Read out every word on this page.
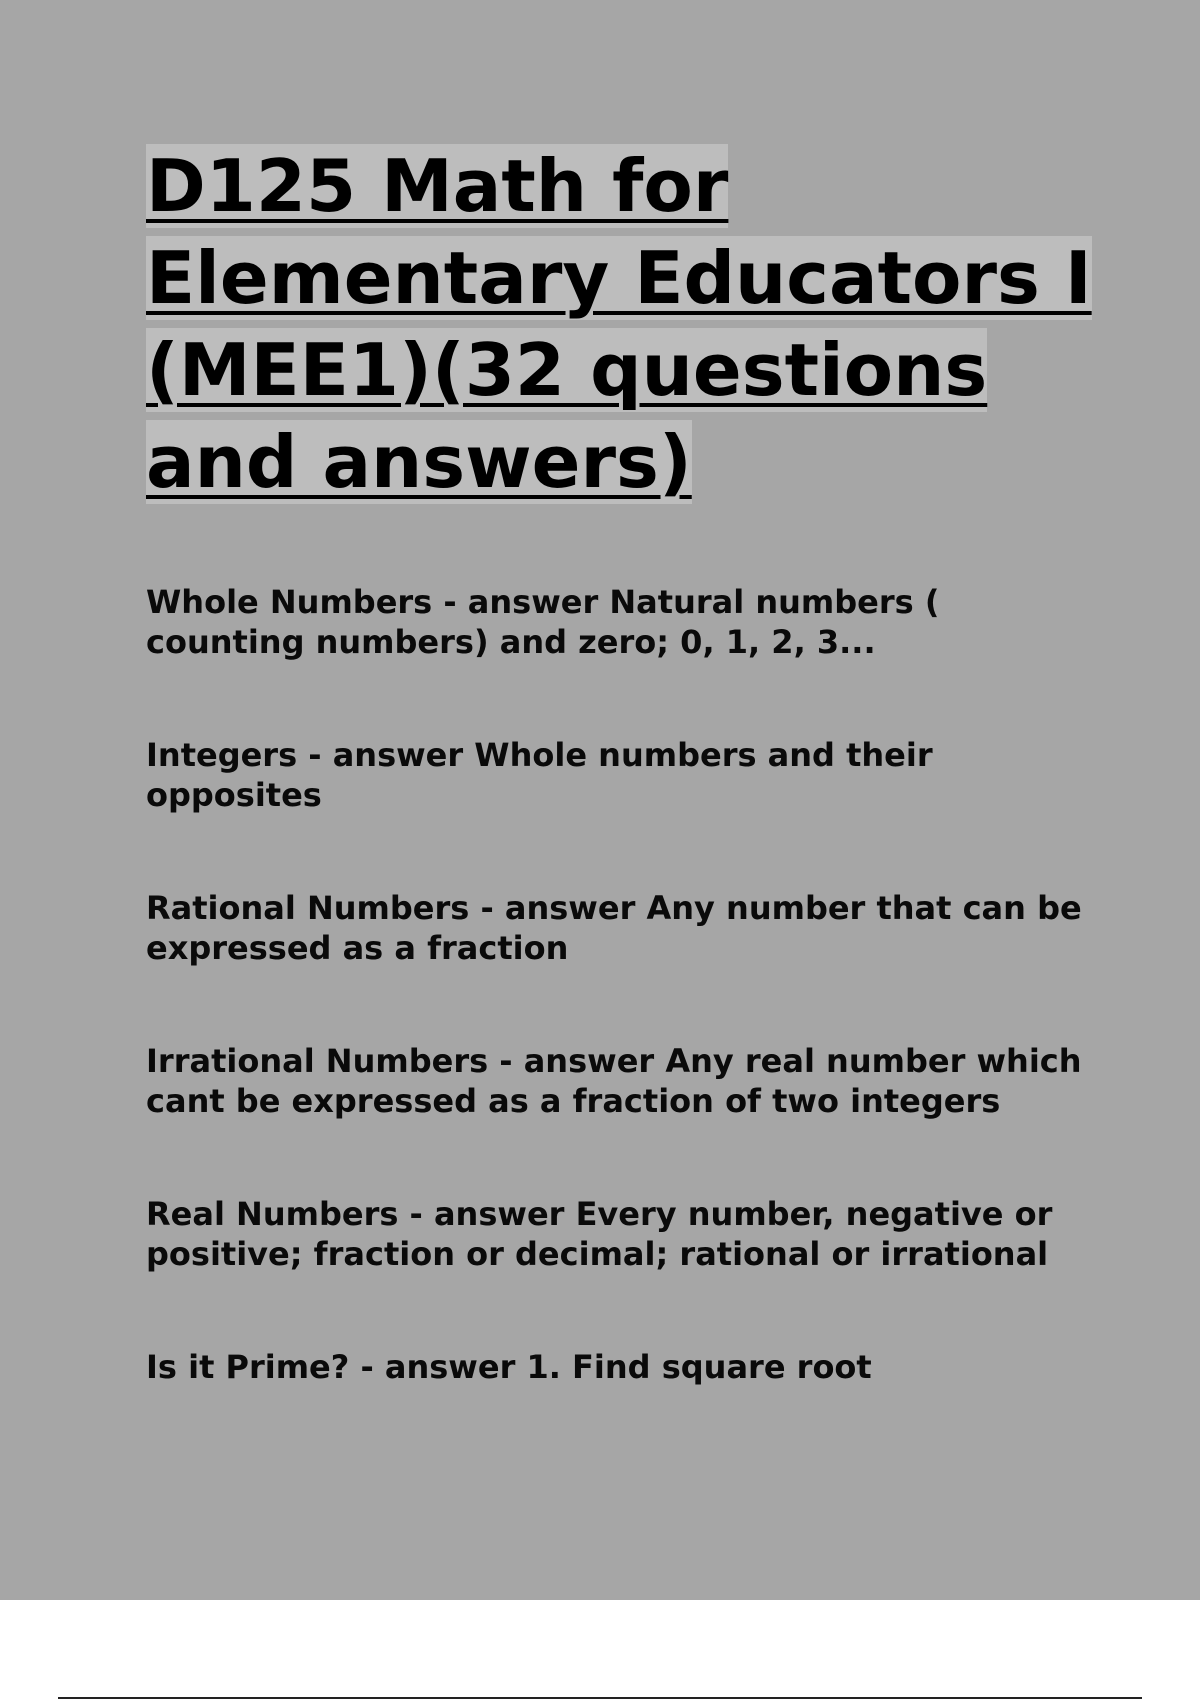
D125 Math for Elementary Educators I (MEE1)(32 questions and answers)
Whole Numbers - answer Natural numbers ( counting numbers) and zero; 0, 1, 2, 3...
Integers - answer Whole numbers and their opposites
Rational Numbers - answer Any number that can be expressed as a fraction
Irrational Numbers - answer Any real number which cant be expressed as a fraction of two integers
Real Numbers - answer Every number, negative or positive; fraction or decimal; rational or irrational
Is it Prime? - answer 1. Find square root
